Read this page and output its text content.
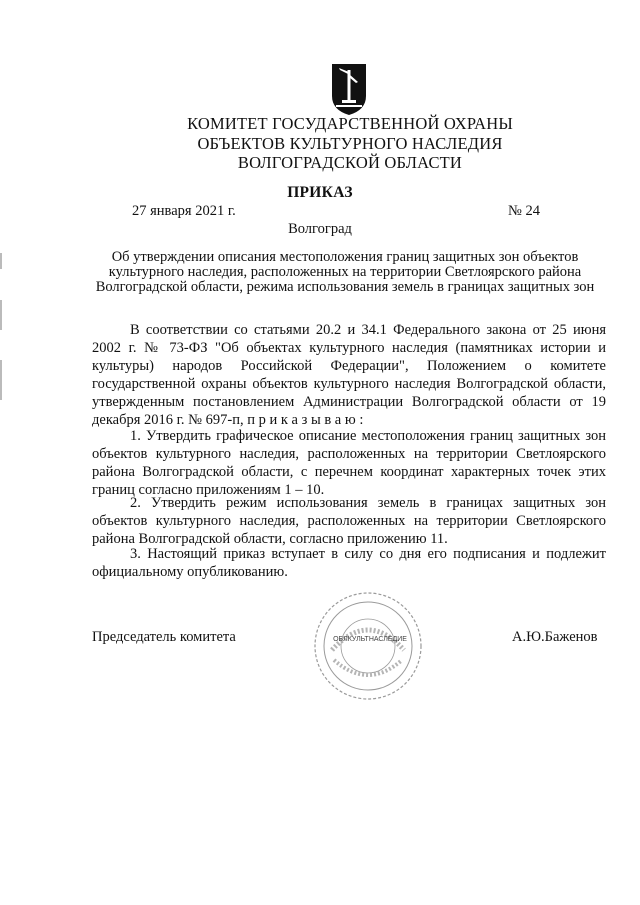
КОМИТЕТ ГОСУДАРСТВЕННОЙ ОХРАНЫ
ОБЪЕКТОВ КУЛЬТУРНОГО НАСЛЕДИЯ
ВОЛГОГРАДСКОЙ ОБЛАСТИ
ПРИКАЗ
27 января 2021 г.	№ 24
Волгоград
Об утверждении описания местоположения границ защитных зон объектов культурного наследия, расположенных на территории Светлоярского района Волгоградской области, режима использования земель в границах защитных зон
В соответствии со статьями 20.2 и 34.1 Федерального закона от 25 июня 2002 г. № 73-ФЗ "Об объектах культурного наследия (памятниках истории и культуры) народов Российской Федерации", Положением о комитете государственной охраны объектов культурного наследия Волгоградской области, утвержденным постановлением Администрации Волгоградской области от 19 декабря 2016 г. № 697-п, п р и к а з ы в а ю :
1. Утвердить графическое описание местоположения границ защитных зон объектов культурного наследия, расположенных на территории Светлоярского района Волгоградской области, с перечнем координат характерных точек этих границ согласно приложениям 1 – 10.
2. Утвердить режим использования земель в границах защитных зон объектов культурного наследия, расположенных на территории Светлоярского района Волгоградской области, согласно приложению 11.
3. Настоящий приказ вступает в силу со дня его подписания и подлежит официальному опубликованию.
Председатель комитета	А.Ю.Баженов
ОБЛКУЛЬТНАСЛЕДИЕ
